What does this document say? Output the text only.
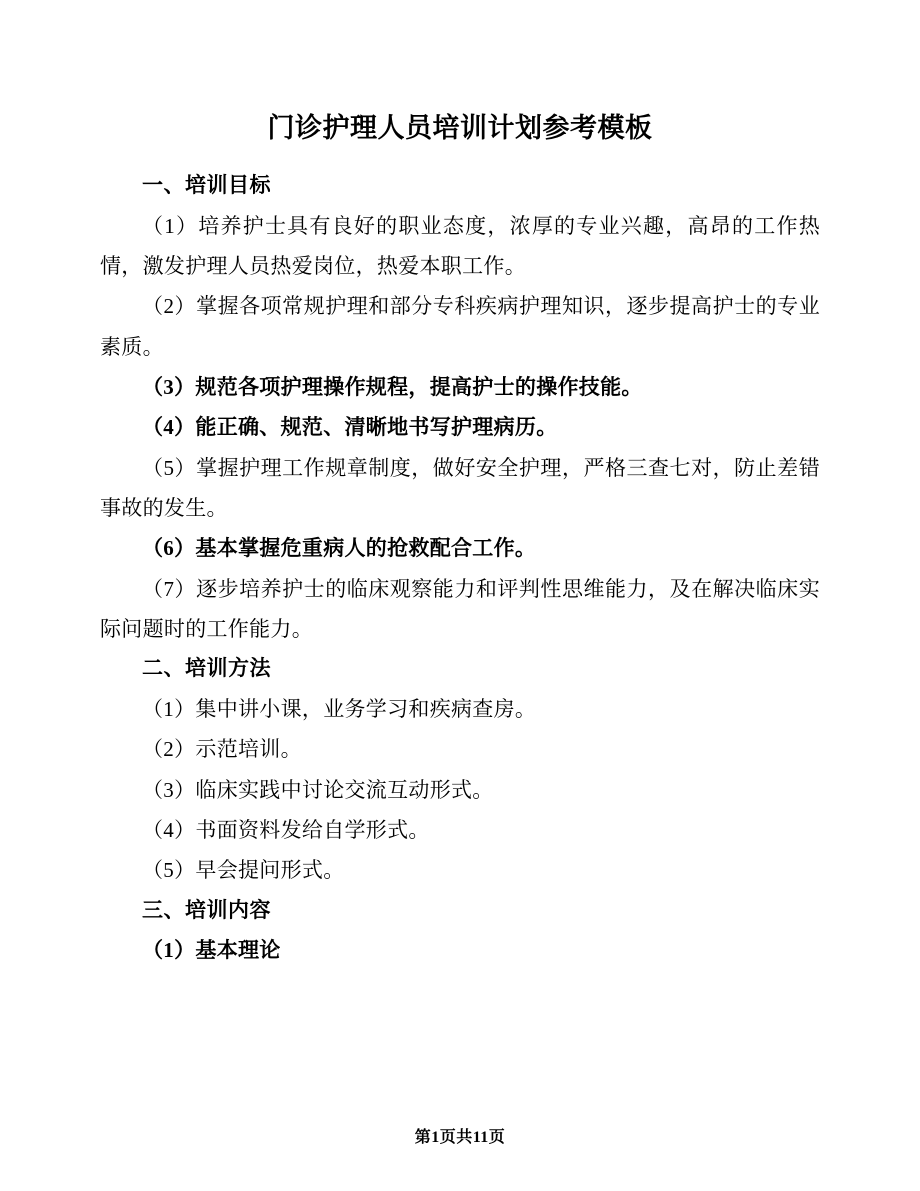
门诊护理人员培训计划参考模板

一、培训目标

（1）培养护士具有良好的职业态度，浓厚的专业兴趣，高昂的工作热情，激发护理人员热爱岗位，热爱本职工作。

（2）掌握各项常规护理和部分专科疾病护理知识，逐步提高护士的专业素质。

（3）规范各项护理操作规程，提高护士的操作技能。

（4）能正确、规范、清晰地书写护理病历。

（5）掌握护理工作规章制度，做好安全护理，严格三查七对，防止差错事故的发生。

（6）基本掌握危重病人的抢救配合工作。

（7）逐步培养护士的临床观察能力和评判性思维能力，及在解决临床实际问题时的工作能力。

二、培训方法

（1）集中讲小课，业务学习和疾病查房。

（2）示范培训。

（3）临床实践中讨论交流互动形式。

（4）书面资料发给自学形式。

（5）早会提问形式。

三、培训内容

（1）基本理论

第1页共11页
